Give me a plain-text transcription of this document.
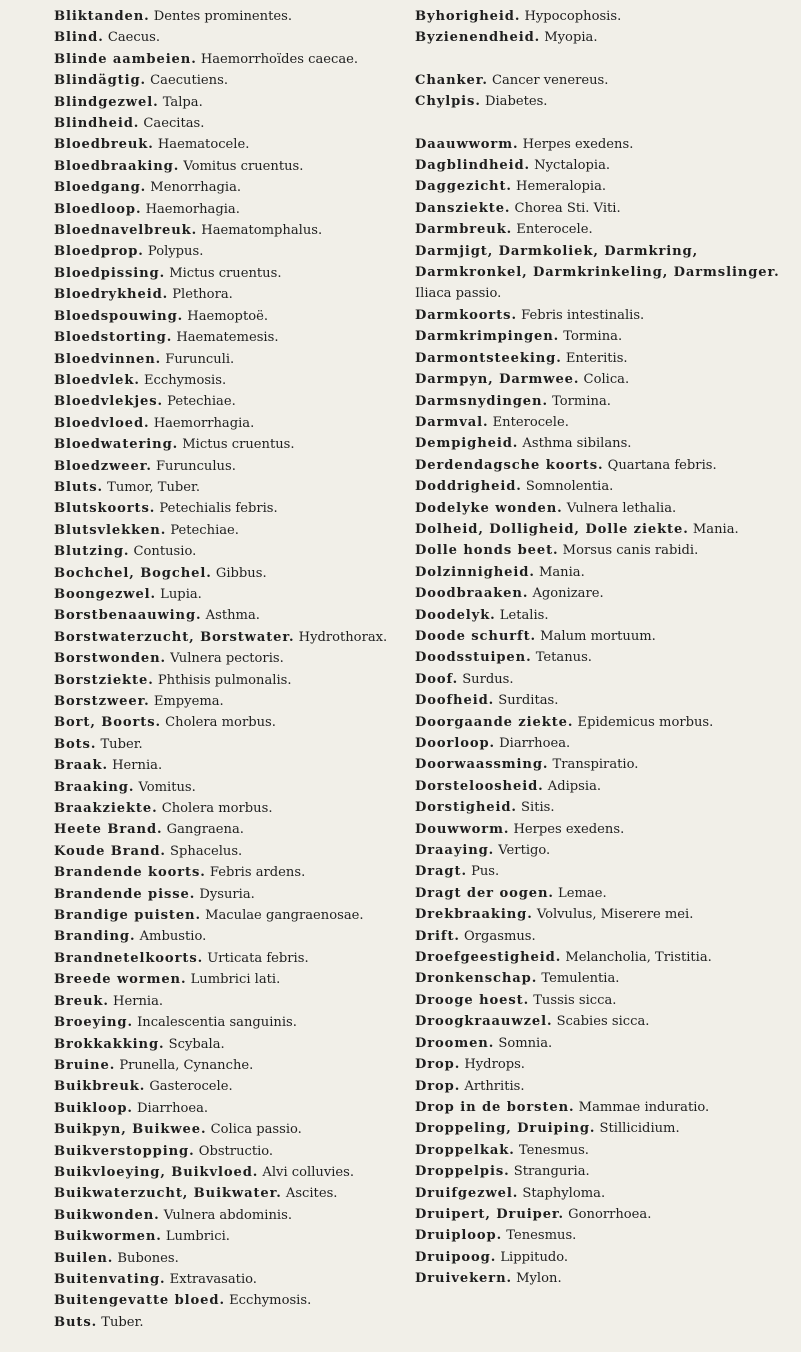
Bliktanden. Dentes prominentes.
Blind. Caecus.
Blinde aambeien. Haemorrhoïdes caecae.
Blindägtig. Caecutiens.
Blindgezwel. Talpa.
Blindheid. Caecitas.
Bloedbreuk. Haematocele.
Bloedbraaking. Vomitus cruentus.
Bloedgang. Menorrhagia.
Bloedloop. Haemorhagia.
Bloednavelbreuk. Haematomphalus.
Bloedprop. Polypus.
Bloedpissing. Mictus cruentus.
Bloedrykheid. Plethora.
Bloedspouwing. Haemoptoë.
Bloedstorting. Haematemesis.
Bloedvinnen. Furunculi.
Bloedvlek. Ecchymosis.
Bloedvlekjes. Petechiae.
Bloedvloed. Haemorrhagia.
Bloedwatering. Mictus cruentus.
Bloedzweer. Furunculus.
Bluts. Tumor, Tuber.
Blutskoorts. Petechialis febris.
Blutsvlekken. Petechiae.
Blutzing. Contusio.
Bochchel, Bogchel. Gibbus.
Boongezwel. Lupia.
Borstbenaauwing. Asthma.
Borstwaterzucht, Borstwater. Hydrothorax.
Borstwonden. Vulnera pectoris.
Borstziekte. Phthisis pulmonalis.
Borstzweer. Empyema.
Bort, Boorts. Cholera morbus.
Bots. Tuber.
Braak. Hernia.
Braaking. Vomitus.
Braakziekte. Cholera morbus.
Heete Brand. Gangraena.
Koude Brand. Sphacelus.
Brandende koorts. Febris ardens.
Brandende pisse. Dysuria.
Brandige puisten. Maculae gangraenosae.
Branding. Ambustio.
Brandnetelkoorts. Urticata febris.
Breede wormen. Lumbrici lati.
Breuk. Hernia.
Broeying. Incalescentia sanguinis.
Brokkakking. Scybala.
Bruine. Prunella, Cynanche.
Buikbreuk. Gasterocele.
Buikloop. Diarrhoea.
Buikpyn, Buikwee. Colica passio.
Buikverstopping. Obstructio.
Buikvloeying, Buikvloed. Alvi colluvies.
Buikwaterzucht, Buikwater. Ascites.
Buikwonden. Vulnera abdominis.
Buikwormen. Lumbrici.
Builen. Bubones.
Buitenvating. Extravasatio.
Buitengevatte bloed. Ecchymosis.
Buts. Tuber.
Byhorigheid. Hypocophosis.
Byzienendheid. Myopia.
Chanker. Cancer venereus.
Chylpis. Diabetes.
Daauwworm. Herpes exedens.
Dagblindheid. Nyctalopia.
Daggezicht. Hemeralopia.
Dansziekte. Chorea Sti. Viti.
Darmbreuk. Enterocele.
Darmjigt, Darmkoliek, Darmkring, Darmkronkel, Darmkrinkeling, Darmslinger. Iliaca passio.
Darmkoorts. Febris intestinalis.
Darmkrimpingen. Tormina.
Darmontsteeking. Enteritis.
Darmpyn, Darmwee. Colica.
Darmsnydingen. Tormina.
Darmval. Enterocele.
Dempigheid. Asthma sibilans.
Derdendagsche koorts. Quartana febris.
Doddrigheid. Somnolentia.
Dodelyke wonden. Vulnera lethalia.
Dolheid, Dolligheid, Dolle ziekte. Mania.
Dolle honds beet. Morsus canis rabidi.
Dolzinnigheid. Mania.
Doodbraaken. Agonizare.
Doodelyk. Letalis.
Doode schurft. Malum mortuum.
Doodsstuipen. Tetanus.
Doof. Surdus.
Doofheid. Surditas.
Doorgaande ziekte. Epidemicus morbus.
Doorloop. Diarrhoea.
Doorwaassming. Transpiratio.
Dorsteloosheid. Adipsia.
Dorstigheid. Sitis.
Douwworm. Herpes exedens.
Draaying. Vertigo.
Dragt. Pus.
Dragt der oogen. Lemae.
Drekbraaking. Volvulus, Miserere mei.
Drift. Orgasmus.
Droefgeestigheid. Melancholia, Tristitia.
Dronkenschap. Temulentia.
Drooge hoest. Tussis sicca.
Droogkraauwzel. Scabies sicca.
Droomen. Somnia.
Drop. Hydrops.
Drop. Arthritis.
Drop in de borsten. Mammae induratio.
Droppeling, Druiping. Stillicidium.
Droppelkak. Tenesmus.
Droppelpis. Stranguria.
Druifgezwel. Staphyloma.
Druipert, Druiper. Gonorrhoea.
Druiploop. Tenesmus.
Druipoog. Lippitudo.
Druivekern. Mylon.
